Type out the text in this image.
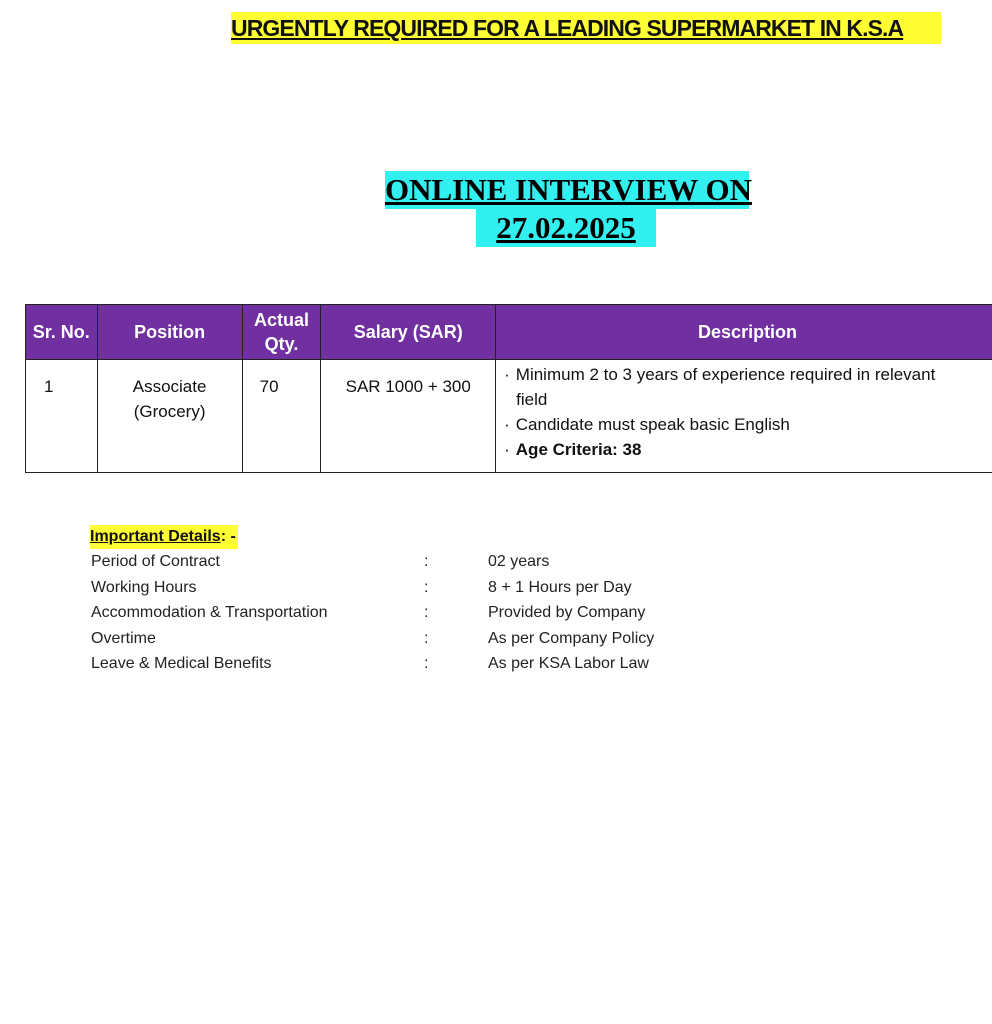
URGENTLY REQUIRED FOR A LEADING SUPERMARKET IN K.S.A
ONLINE INTERVIEW ON
27.02.2025
Sr. No.	Position	Actual Qty.	Salary (SAR)	Description
1	Associate (Grocery)	70	SAR 1000 + 300	· Minimum 2 to 3 years of experience required in relevant
field
· Candidate must speak basic English
· Age Criteria: 38
Important Details: -
Period of Contract	:	02 years
Working Hours	:	8 + 1 Hours per Day
Accommodation & Transportation	:	Provided by Company
Overtime	:	As per Company Policy
Leave & Medical Benefits	:	As per KSA Labor Law
